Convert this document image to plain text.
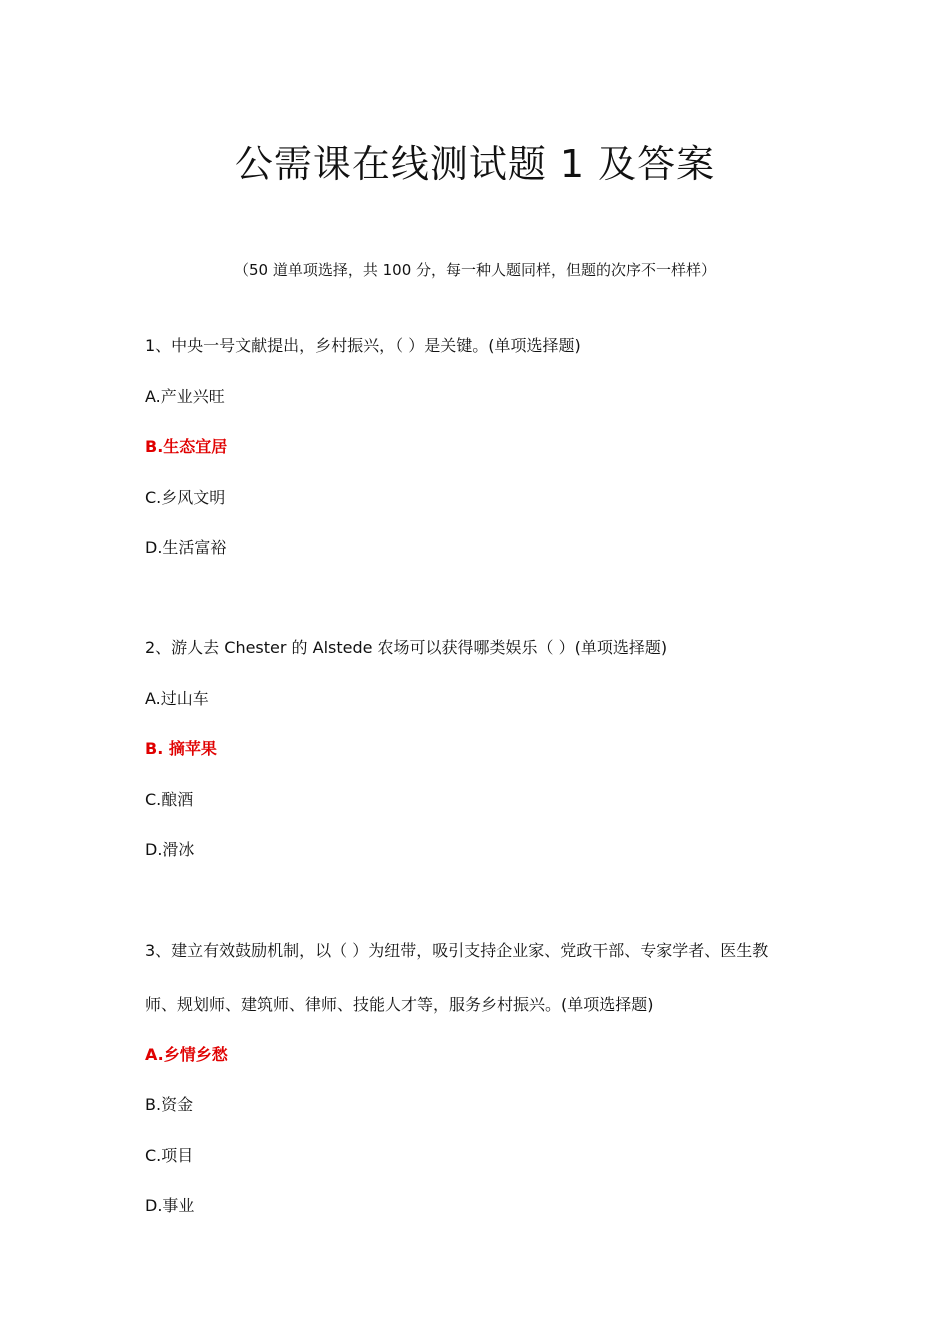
公需课在线测试题 1 及答案
（50 道单项选择，共 100 分，每一种人题同样，但题的次序不一样样）
1、中央一号文献提出，乡村振兴，（ ）是关键。(单项选择题)
A.产业兴旺
B.生态宜居
C.乡风文明
D.生活富裕
2、游人去 Chester 的 Alstede 农场可以获得哪类娱乐（ ）(单项选择题)
A.过山车
B. 摘苹果
C.酿酒
D.滑冰
3、建立有效鼓励机制，以（ ）为纽带，吸引支持企业家、党政干部、专家学者、医生教
师、规划师、建筑师、律师、技能人才等，服务乡村振兴。(单项选择题)
A.乡情乡愁
B.资金
C.项目
D.事业
